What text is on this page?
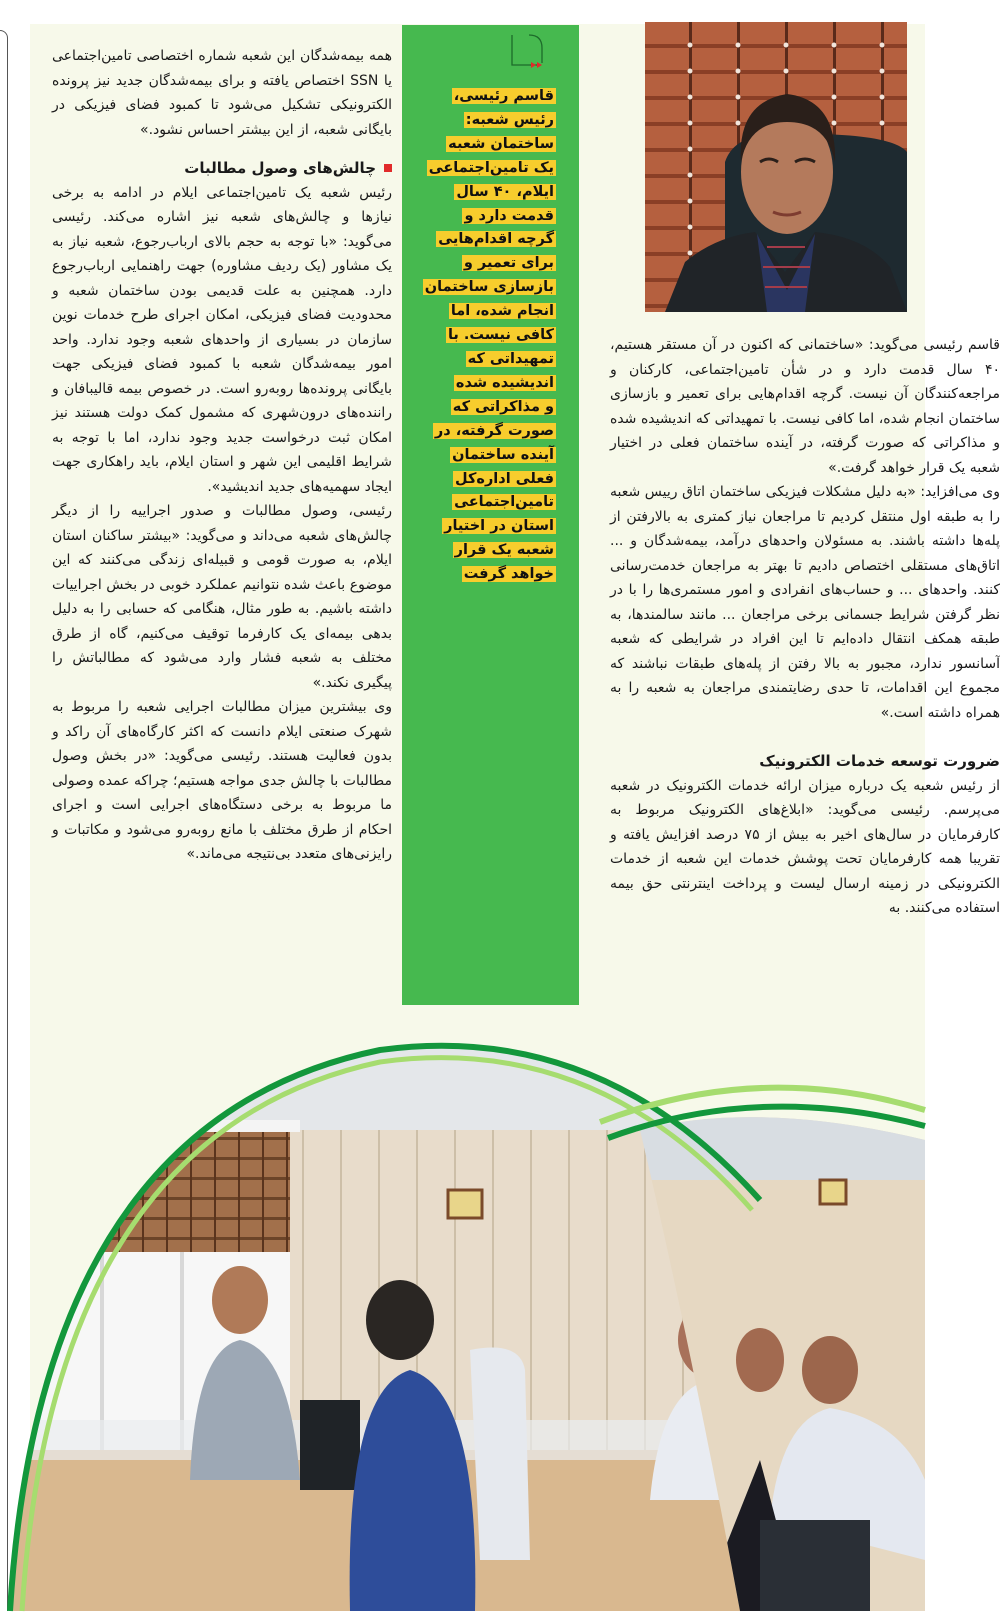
همه بیمه‌شدگان این شعبه شماره اختصاصی تامین‌اجتماعی یا SSN اختصاص یافته و برای بیمه‌شدگان جدید نیز پرونده الکترونیکی تشکیل می‌شود تا کمبود فضای فیزیکی در بایگانی شعبه، از این بیشتر احساس نشود.»

چالش‌های وصول مطالبات

رئیس شعبه یک تامین‌اجتماعی ایلام در ادامه به برخی نیازها و چالش‌های شعبه نیز اشاره می‌کند. رئیسی می‌گوید: «با توجه به حجم بالای ارباب‌رجوع، شعبه نیاز به یک مشاور (یک ردیف مشاوره) جهت راهنمایی ارباب‌رجوع دارد. همچنین به علت قدیمی بودن ساختمان شعبه و محدودیت فضای فیزیکی، امکان اجرای طرح خدمات نوین سازمان در بسیاری از واحدهای شعبه وجود ندارد. واحد امور بیمه‌شدگان شعبه با کمبود فضای فیزیکی جهت بایگانی پرونده‌ها روبه‌رو است. در خصوص بیمه قالیبافان و راننده‌های درون‌شهری که مشمول کمک دولت هستند نیز امکان ثبت درخواست جدید وجود ندارد، اما با توجه به شرایط اقلیمی این شهر و استان ایلام، باید راهکاری جهت ایجاد سهمیه‌های جدید اندیشید».

رئیسی، وصول مطالبات و صدور اجراییه را از دیگر چالش‌های شعبه می‌داند و می‌گوید: «بیشتر ساکنان استان ایلام، به صورت قومی و قبیله‌ای زندگی می‌کنند که این موضوع باعث شده نتوانیم عملکرد خوبی در بخش اجراییات داشته باشیم. به طور مثال، هنگامی که حسابی را به دلیل بدهی بیمه‌ای یک کارفرما توقیف می‌کنیم، گاه از طرق مختلف به شعبه فشار وارد می‌شود که مطالباتش را پیگیری نکند.»

وی بیشترین میزان مطالبات اجرایی شعبه را مربوط به شهرک صنعتی ایلام دانست که اکثر کارگاه‌های آن راکد و بدون فعالیت هستند. رئیسی می‌گوید: «در بخش وصول مطالبات با چالش جدی مواجه هستیم؛ چراکه عمده وصولی ما مربوط به برخی دستگاه‌های اجرایی است و اجرای احکام از طرق مختلف با مانع روبه‌رو می‌شود و مکاتبات و رایزنی‌های متعدد بی‌نتیجه می‌ماند.»

قاسم رئیسی،
رئیس شعبه:
ساختمان شعبه
یک تامین‌اجتماعی
ایلام، ۴۰ سال
قدمت دارد و
گرچه اقدام‌هایی
برای تعمیر و
بازسازی ساختمان
انجام شده، اما
کافی نیست. با
تمهیداتی که
اندیشیده شده
و مذاکراتی که
صورت گرفته، در
آینده ساختمان
فعلی اداره‌کل
تامین‌اجتماعی
استان در اختیار
شعبه یک قرار
خواهد گرفت

قاسم رئیسی می‌گوید: «ساختمانی که اکنون در آن مستقر هستیم، ۴۰ سال قدمت دارد و در شأن تامین‌اجتماعی، کارکنان و مراجعه‌کنندگان آن نیست. گرچه اقدام‌هایی برای تعمیر و بازسازی ساختمان انجام شده، اما کافی نیست. با تمهیداتی که اندیشیده شده و مذاکراتی که صورت گرفته، در آینده ساختمان فعلی در اختیار شعبه یک قرار خواهد گرفت.»

وی می‌افزاید: «به دلیل مشکلات فیزیکی ساختمان اتاق رییس شعبه را به طبقه اول منتقل کردیم تا مراجعان نیاز کمتری به بالارفتن از پله‌ها داشته باشند. به مسئولان واحدهای درآمد، بیمه‌شدگان و ... اتاق‌های مستقلی اختصاص دادیم تا بهتر به مراجعان خدمت‌رسانی کنند. واحدهای ... و حساب‌های انفرادی و امور مستمری‌ها را با در نظر گرفتن شرایط جسمانی برخی مراجعان ... مانند سالمندها، به طبقه همکف انتقال داده‌ایم تا این افراد در شرایطی که شعبه آسانسور ندارد، مجبور به بالا رفتن از پله‌های طبقات نباشند که مجموع این اقدامات، تا حدی رضایتمندی مراجعان به شعبه را به همراه داشته است.»

ضرورت توسعه خدمات الکترونیک

از رئیس شعبه یک درباره میزان ارائه خدمات الکترونیک در شعبه می‌پرسم. رئیسی می‌گوید: «ابلاغ‌های الکترونیک مربوط به کارفرمایان در سال‌های اخیر به بیش از ۷۵ درصد افزایش یافته و تقریبا همه کارفرمایان تحت پوشش خدمات این شعبه از خدمات الکترونیکی در زمینه ارسال لیست و پرداخت اینترنتی حق بیمه استفاده می‌کنند. به
